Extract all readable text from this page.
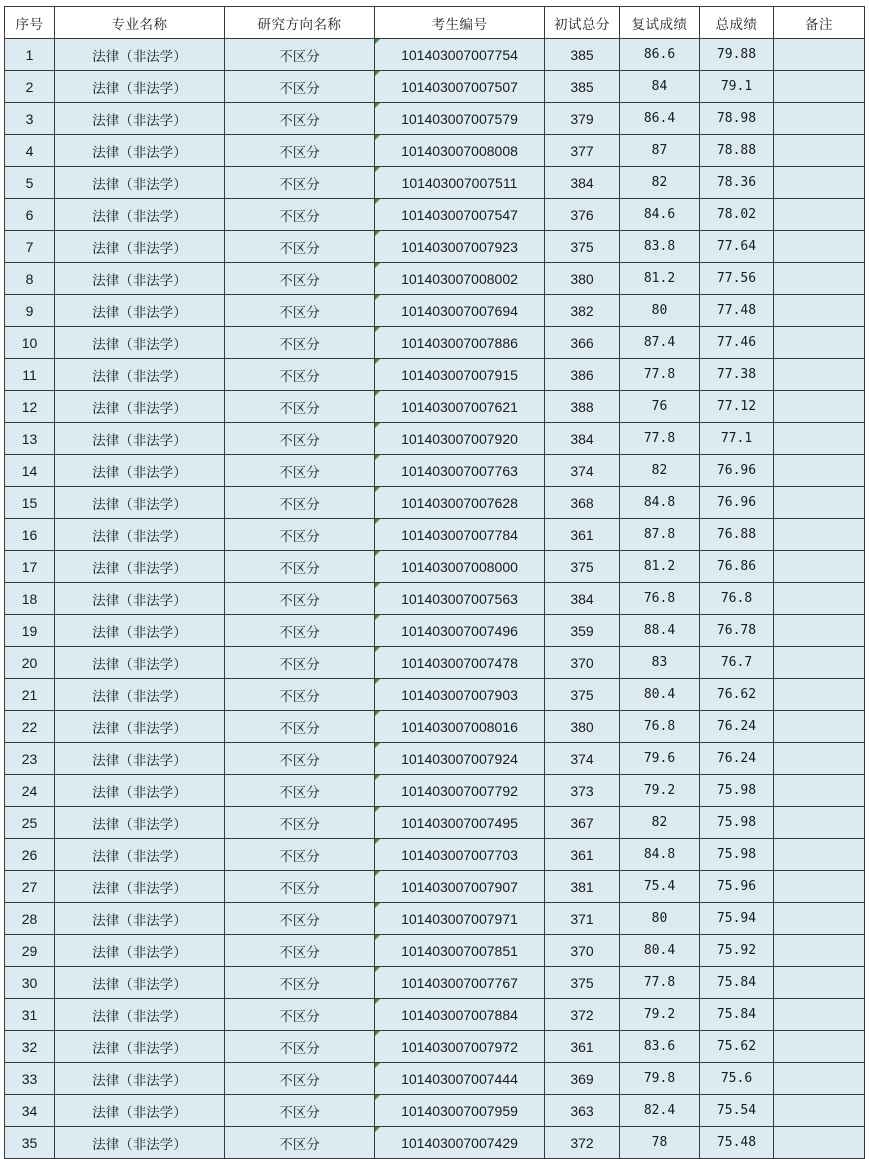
序号	专业名称	研究方向名称	考生编号	初试总分	复试成绩	总成绩	备注
1	法律（非法学）	不区分	101403007007754	385	86.6	79.88	
2	法律（非法学）	不区分	101403007007507	385	84	79.1	
3	法律（非法学）	不区分	101403007007579	379	86.4	78.98	
4	法律（非法学）	不区分	101403007008008	377	87	78.88	
5	法律（非法学）	不区分	101403007007511	384	82	78.36	
6	法律（非法学）	不区分	101403007007547	376	84.6	78.02	
7	法律（非法学）	不区分	101403007007923	375	83.8	77.64	
8	法律（非法学）	不区分	101403007008002	380	81.2	77.56	
9	法律（非法学）	不区分	101403007007694	382	80	77.48	
10	法律（非法学）	不区分	101403007007886	366	87.4	77.46	
11	法律（非法学）	不区分	101403007007915	386	77.8	77.38	
12	法律（非法学）	不区分	101403007007621	388	76	77.12	
13	法律（非法学）	不区分	101403007007920	384	77.8	77.1	
14	法律（非法学）	不区分	101403007007763	374	82	76.96	
15	法律（非法学）	不区分	101403007007628	368	84.8	76.96	
16	法律（非法学）	不区分	101403007007784	361	87.8	76.88	
17	法律（非法学）	不区分	101403007008000	375	81.2	76.86	
18	法律（非法学）	不区分	101403007007563	384	76.8	76.8	
19	法律（非法学）	不区分	101403007007496	359	88.4	76.78	
20	法律（非法学）	不区分	101403007007478	370	83	76.7	
21	法律（非法学）	不区分	101403007007903	375	80.4	76.62	
22	法律（非法学）	不区分	101403007008016	380	76.8	76.24	
23	法律（非法学）	不区分	101403007007924	374	79.6	76.24	
24	法律（非法学）	不区分	101403007007792	373	79.2	75.98	
25	法律（非法学）	不区分	101403007007495	367	82	75.98	
26	法律（非法学）	不区分	101403007007703	361	84.8	75.98	
27	法律（非法学）	不区分	101403007007907	381	75.4	75.96	
28	法律（非法学）	不区分	101403007007971	371	80	75.94	
29	法律（非法学）	不区分	101403007007851	370	80.4	75.92	
30	法律（非法学）	不区分	101403007007767	375	77.8	75.84	
31	法律（非法学）	不区分	101403007007884	372	79.2	75.84	
32	法律（非法学）	不区分	101403007007972	361	83.6	75.62	
33	法律（非法学）	不区分	101403007007444	369	79.8	75.6	
34	法律（非法学）	不区分	101403007007959	363	82.4	75.54	
35	法律（非法学）	不区分	101403007007429	372	78	75.48	
